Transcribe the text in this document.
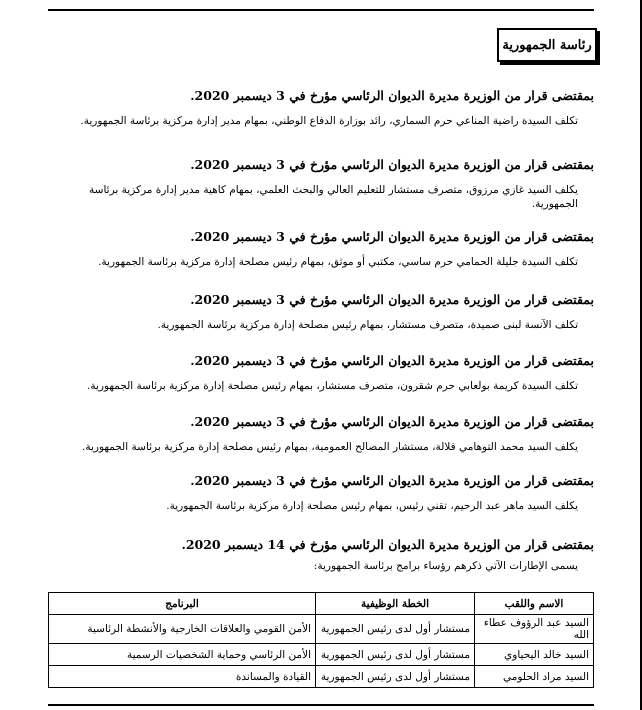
رئاسة الجمهورية
بمقتضى قرار من الوزيرة مديرة الديوان الرئاسي مؤرخ في 3 ديسمبر 2020.
تكلف السيدة راضية المناعي حرم السماري، رائد بوزارة الدفاع الوطني، بمهام مدير إدارة مركزية برئاسة الجمهورية.
بمقتضى قرار من الوزيرة مديرة الديوان الرئاسي مؤرخ في 3 ديسمبر 2020.
يكلف السيد غازي مرزوق، متصرف مستشار للتعليم العالي والبحث العلمي، بمهام كاهية مدير إدارة مركزية برئاسة الجمهورية.
بمقتضى قرار من الوزيرة مديرة الديوان الرئاسي مؤرخ في 3 ديسمبر 2020.
تكلف السيدة جليلة الحمامي حرم ساسي، مكتبي أو موثق، بمهام رئيس مصلحة إدارة مركزية برئاسة الجمهورية.
بمقتضى قرار من الوزيرة مديرة الديوان الرئاسي مؤرخ في 3 ديسمبر 2020.
تكلف الآنسة لبنى صميدة، متصرف مستشار، بمهام رئيس مصلحة إدارة مركزية برئاسة الجمهورية.
بمقتضى قرار من الوزيرة مديرة الديوان الرئاسي مؤرخ في 3 ديسمبر 2020.
تكلف السيدة كريمة بولعابي حرم شقرون، متصرف مستشار، بمهام رئيس مصلحة إدارة مركزية برئاسة الجمهورية.
بمقتضى قرار من الوزيرة مديرة الديوان الرئاسي مؤرخ في 3 ديسمبر 2020.
يكلف السيد محمد التوهامي قلالة، مستشار المصالح العمومية، بمهام رئيس مصلحة إدارة مركزية برئاسة الجمهورية.
بمقتضى قرار من الوزيرة مديرة الديوان الرئاسي مؤرخ في 3 ديسمبر 2020.
يكلف السيد ماهر عبد الرحيم، تقني رئيس، بمهام رئيس مصلحة إدارة مركزية برئاسة الجمهورية.
بمقتضى قرار من الوزيرة مديرة الديوان الرئاسي مؤرخ في 14 ديسمبر 2020.
يسمى الإطارات الآتي ذكرهم رؤساء برامج برئاسة الجمهورية:
الاسم واللقب	الخطة الوظيفية	البرنامج
السيد عبد الرؤوف عطاء الله	مستشار أول لدى رئيس الجمهورية	الأمن القومي والعلاقات الخارجية والأنشطة الرئاسية
السيد خالد اليحياوي	مستشار أول لدى رئيس الجمهورية	الأمن الرئاسي وحماية الشخصيات الرسمية
السيد مراد الحلومي	مستشار أول لدى رئيس الجمهورية	القيادة والمساندة
